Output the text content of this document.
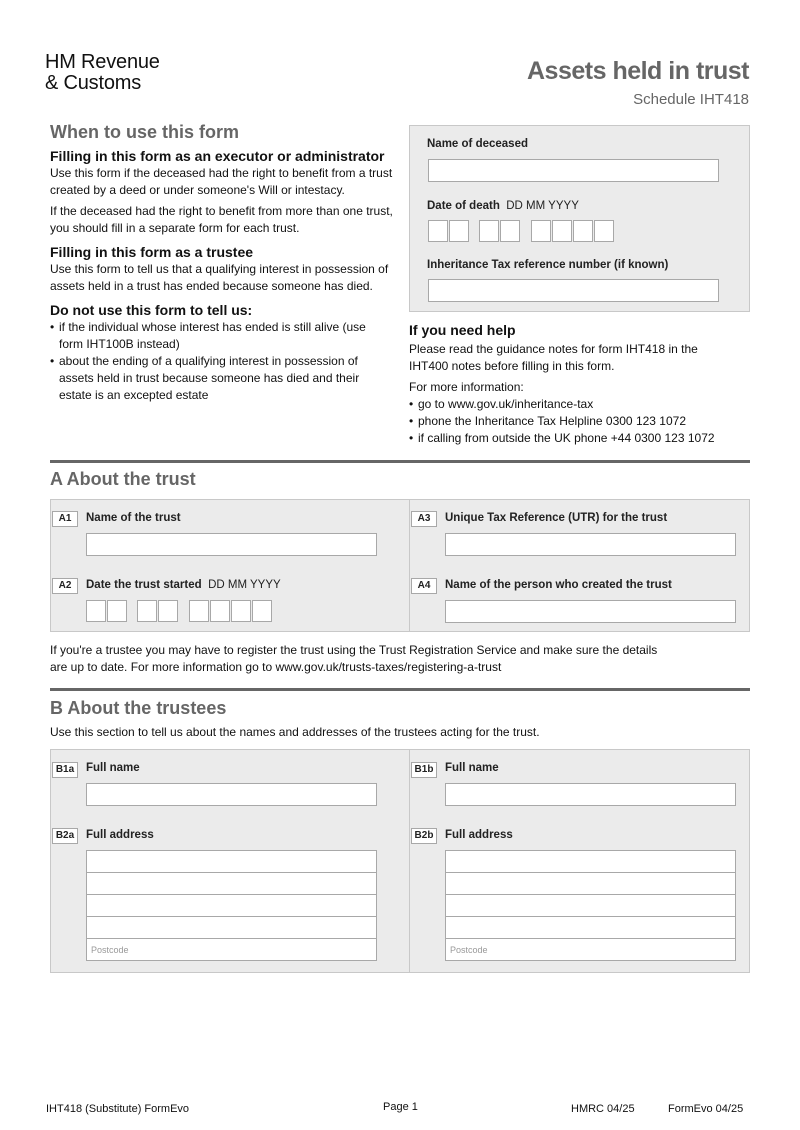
HM Revenue
& Customs	Assets held in trust
Schedule IHT418
When to use this form
Filling in this form as an executor or administrator
Use this form if the deceased had the right to benefit from a trust created by a deed or under someone's Will or intestacy.
If the deceased had the right to benefit from more than one trust, you should fill in a separate form for each trust.
Filling in this form as a trustee
Use this form to tell us that a qualifying interest in possession of assets held in a trust has ended because someone has died.
Do not use this form to tell us:
• if the individual whose interest has ended is still alive (use form IHT100B instead)
• about the ending of a qualifying interest in possession of assets held in trust because someone has died and their estate is an excepted estate
Name of deceased
Date of death DD MM YYYY
Inheritance Tax reference number (if known)
If you need help
Please read the guidance notes for form IHT418 in the IHT400 notes before filling in this form.
For more information:
• go to www.gov.uk/inheritance-tax
• phone the Inheritance Tax Helpline 0300 123 1072
• if calling from outside the UK phone +44 0300 123 1072
A About the trust
A1	Name of the trust
A2	Date the trust started DD MM YYYY
A3	Unique Tax Reference (UTR) for the trust
A4	Name of the person who created the trust
If you're a trustee you may have to register the trust using the Trust Registration Service and make sure the details are up to date. For more information go to www.gov.uk/trusts-taxes/registering-a-trust
B About the trustees
Use this section to tell us about the names and addresses of the trustees acting for the trust.
B1a	Full name
B2a	Full address
Postcode
B1b	Full name
B2b	Full address
Postcode
IHT418 (Substitute) FormEvo	Page 1	HMRC 04/25	FormEvo 04/25
